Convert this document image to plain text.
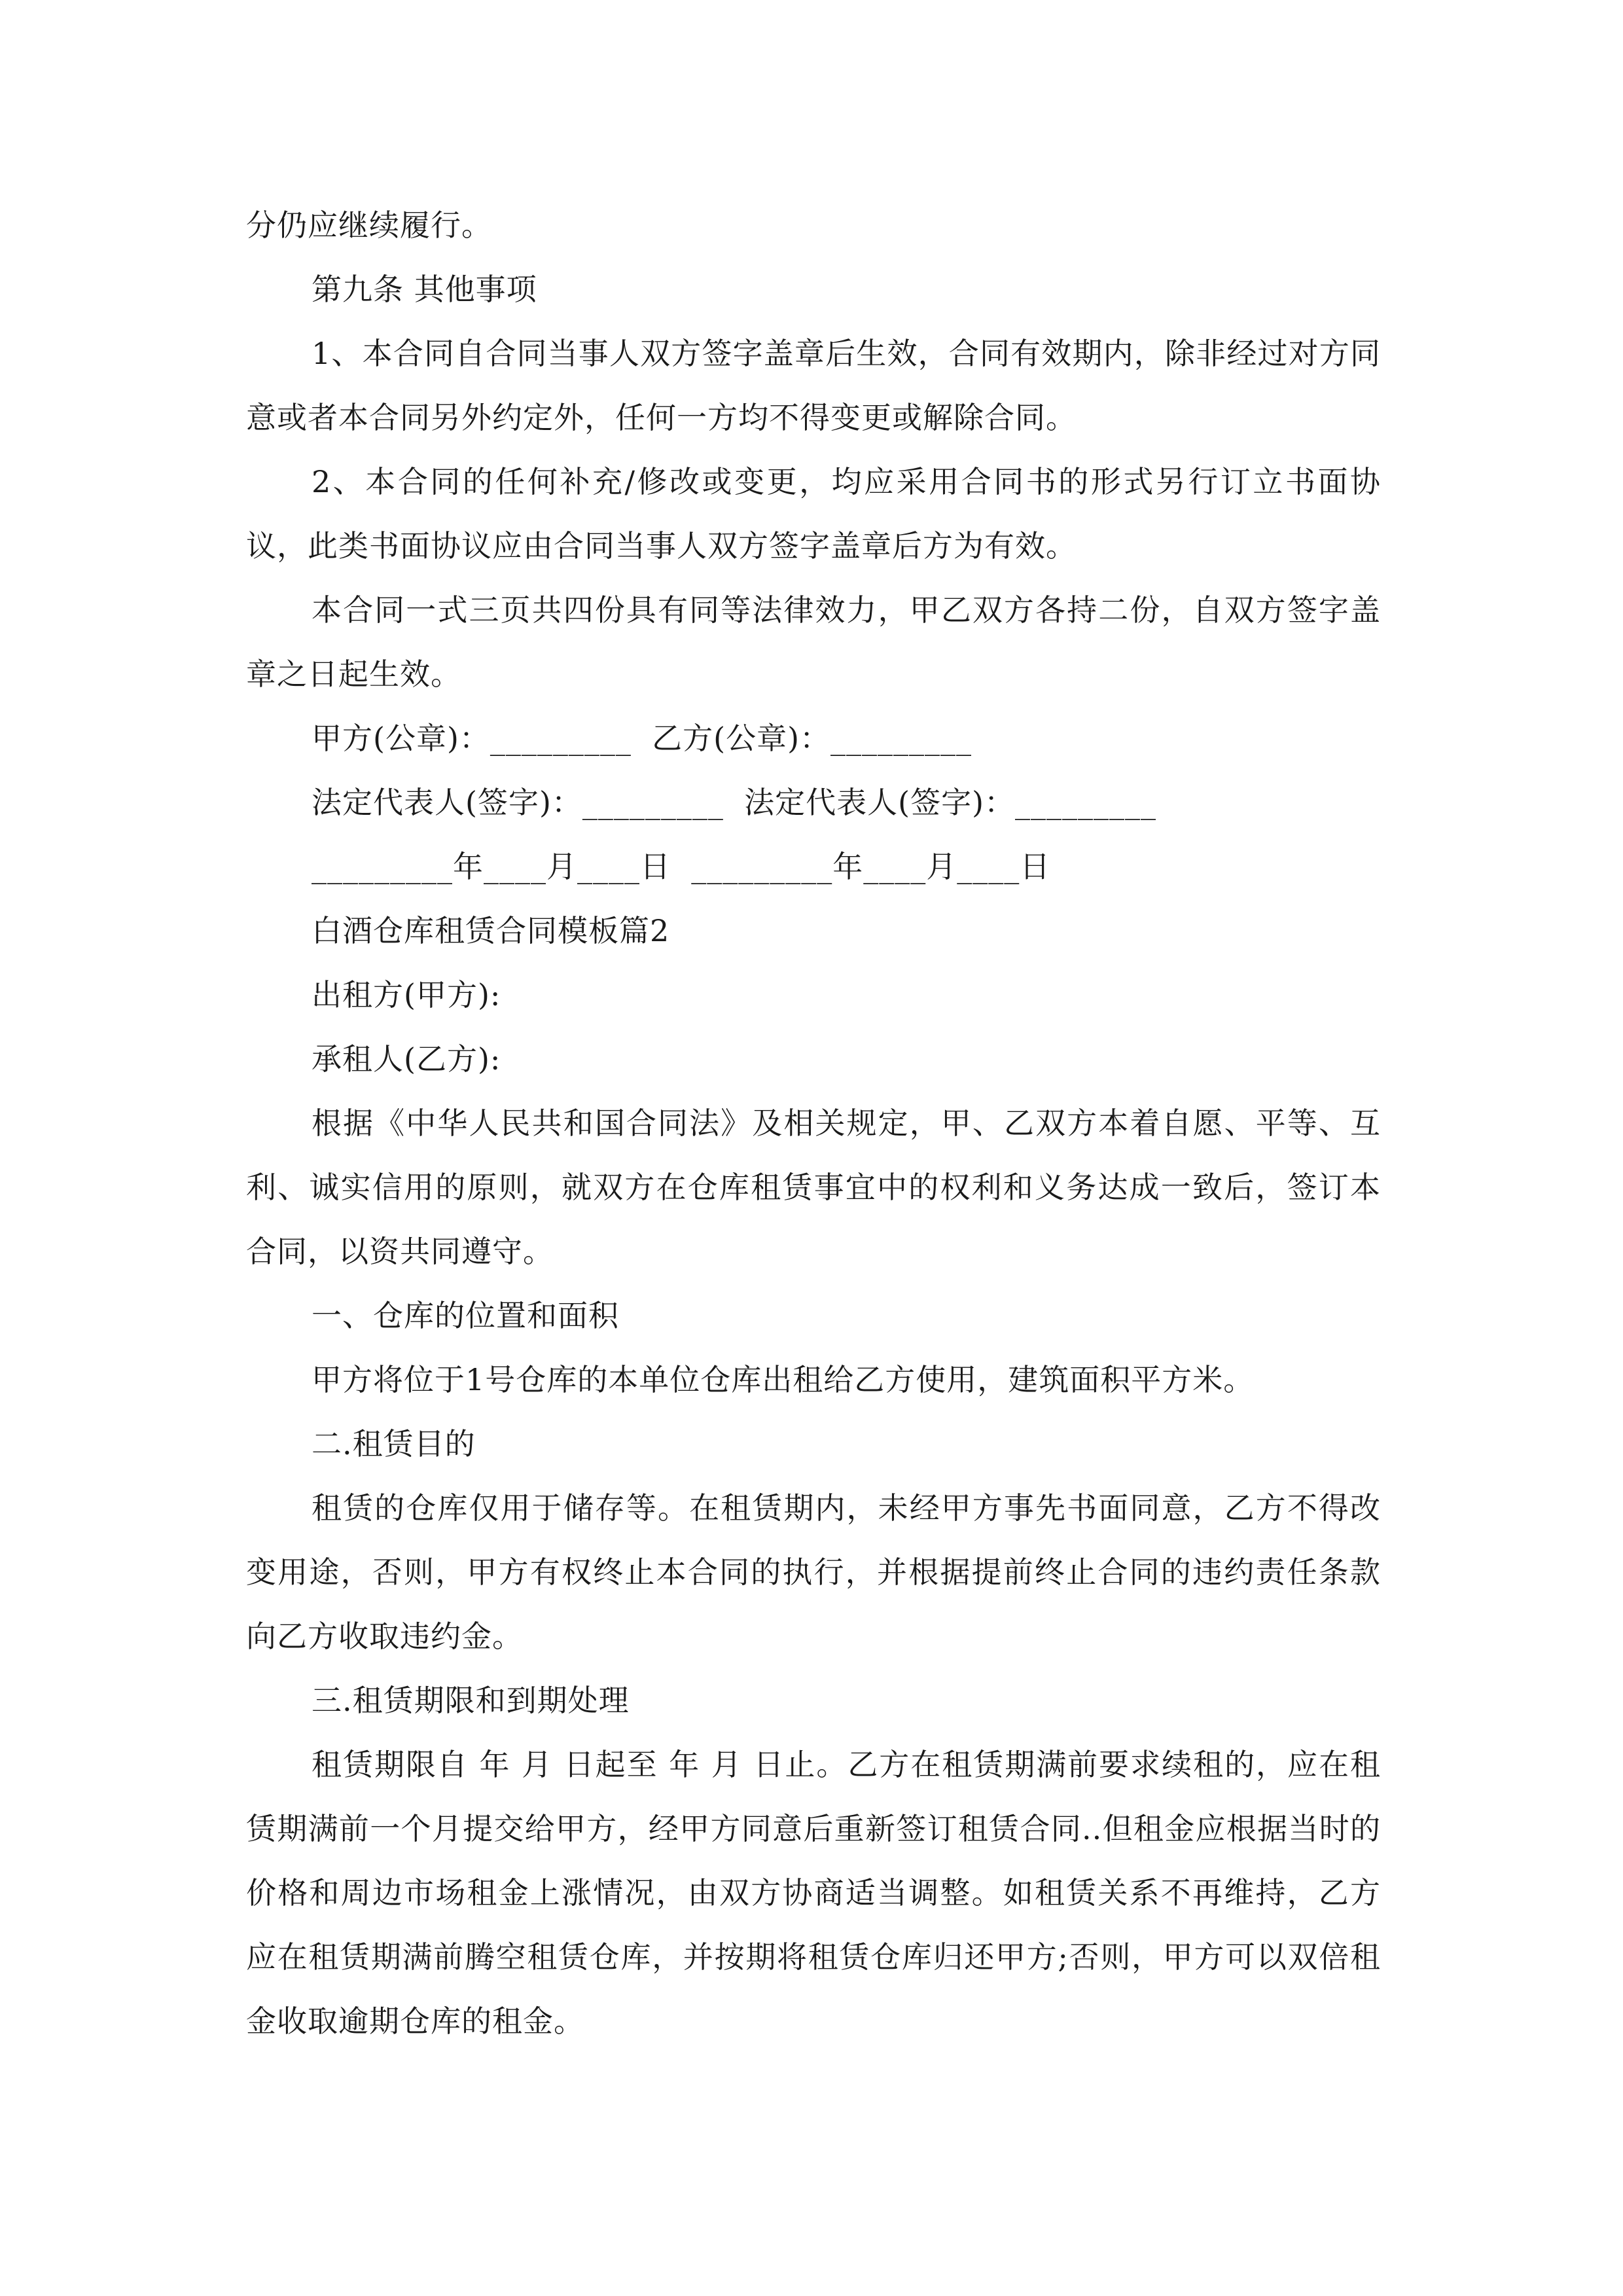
分仍应继续履行。

第九条 其他事项

1、本合同自合同当事人双方签字盖章后生效，合同有效期内，除非经过对方同意或者本合同另外约定外，任何一方均不得变更或解除合同。

2、本合同的任何补充/修改或变更，均应采用合同书的形式另行订立书面协议，此类书面协议应由合同当事人双方签字盖章后方为有效。

本合同一式三页共四份具有同等法律效力，甲乙双方各持二份，自双方签字盖章之日起生效。

甲方(公章)：_________  乙方(公章)：_________

法定代表人(签字)：_________  法定代表人(签字)：_________

_________年____月____日  _________年____月____日

白酒仓库租赁合同模板篇2

出租方(甲方):

承租人(乙方):

根据《中华人民共和国合同法》及相关规定，甲、乙双方本着自愿、平等、互利、诚实信用的原则，就双方在仓库租赁事宜中的权利和义务达成一致后，签订本合同，以资共同遵守。

一、仓库的位置和面积

甲方将位于1号仓库的本单位仓库出租给乙方使用，建筑面积平方米。

二.租赁目的

租赁的仓库仅用于储存等。在租赁期内，未经甲方事先书面同意，乙方不得改变用途，否则，甲方有权终止本合同的执行，并根据提前终止合同的违约责任条款向乙方收取违约金。

三.租赁期限和到期处理

租赁期限自 年 月 日起至 年 月 日止。乙方在租赁期满前要求续租的，应在租赁期满前一个月提交给甲方，经甲方同意后重新签订租赁合同..但租金应根据当时的价格和周边市场租金上涨情况，由双方协商适当调整。如租赁关系不再维持，乙方应在租赁期满前腾空租赁仓库，并按期将租赁仓库归还甲方;否则，甲方可以双倍租金收取逾期仓库的租金。
